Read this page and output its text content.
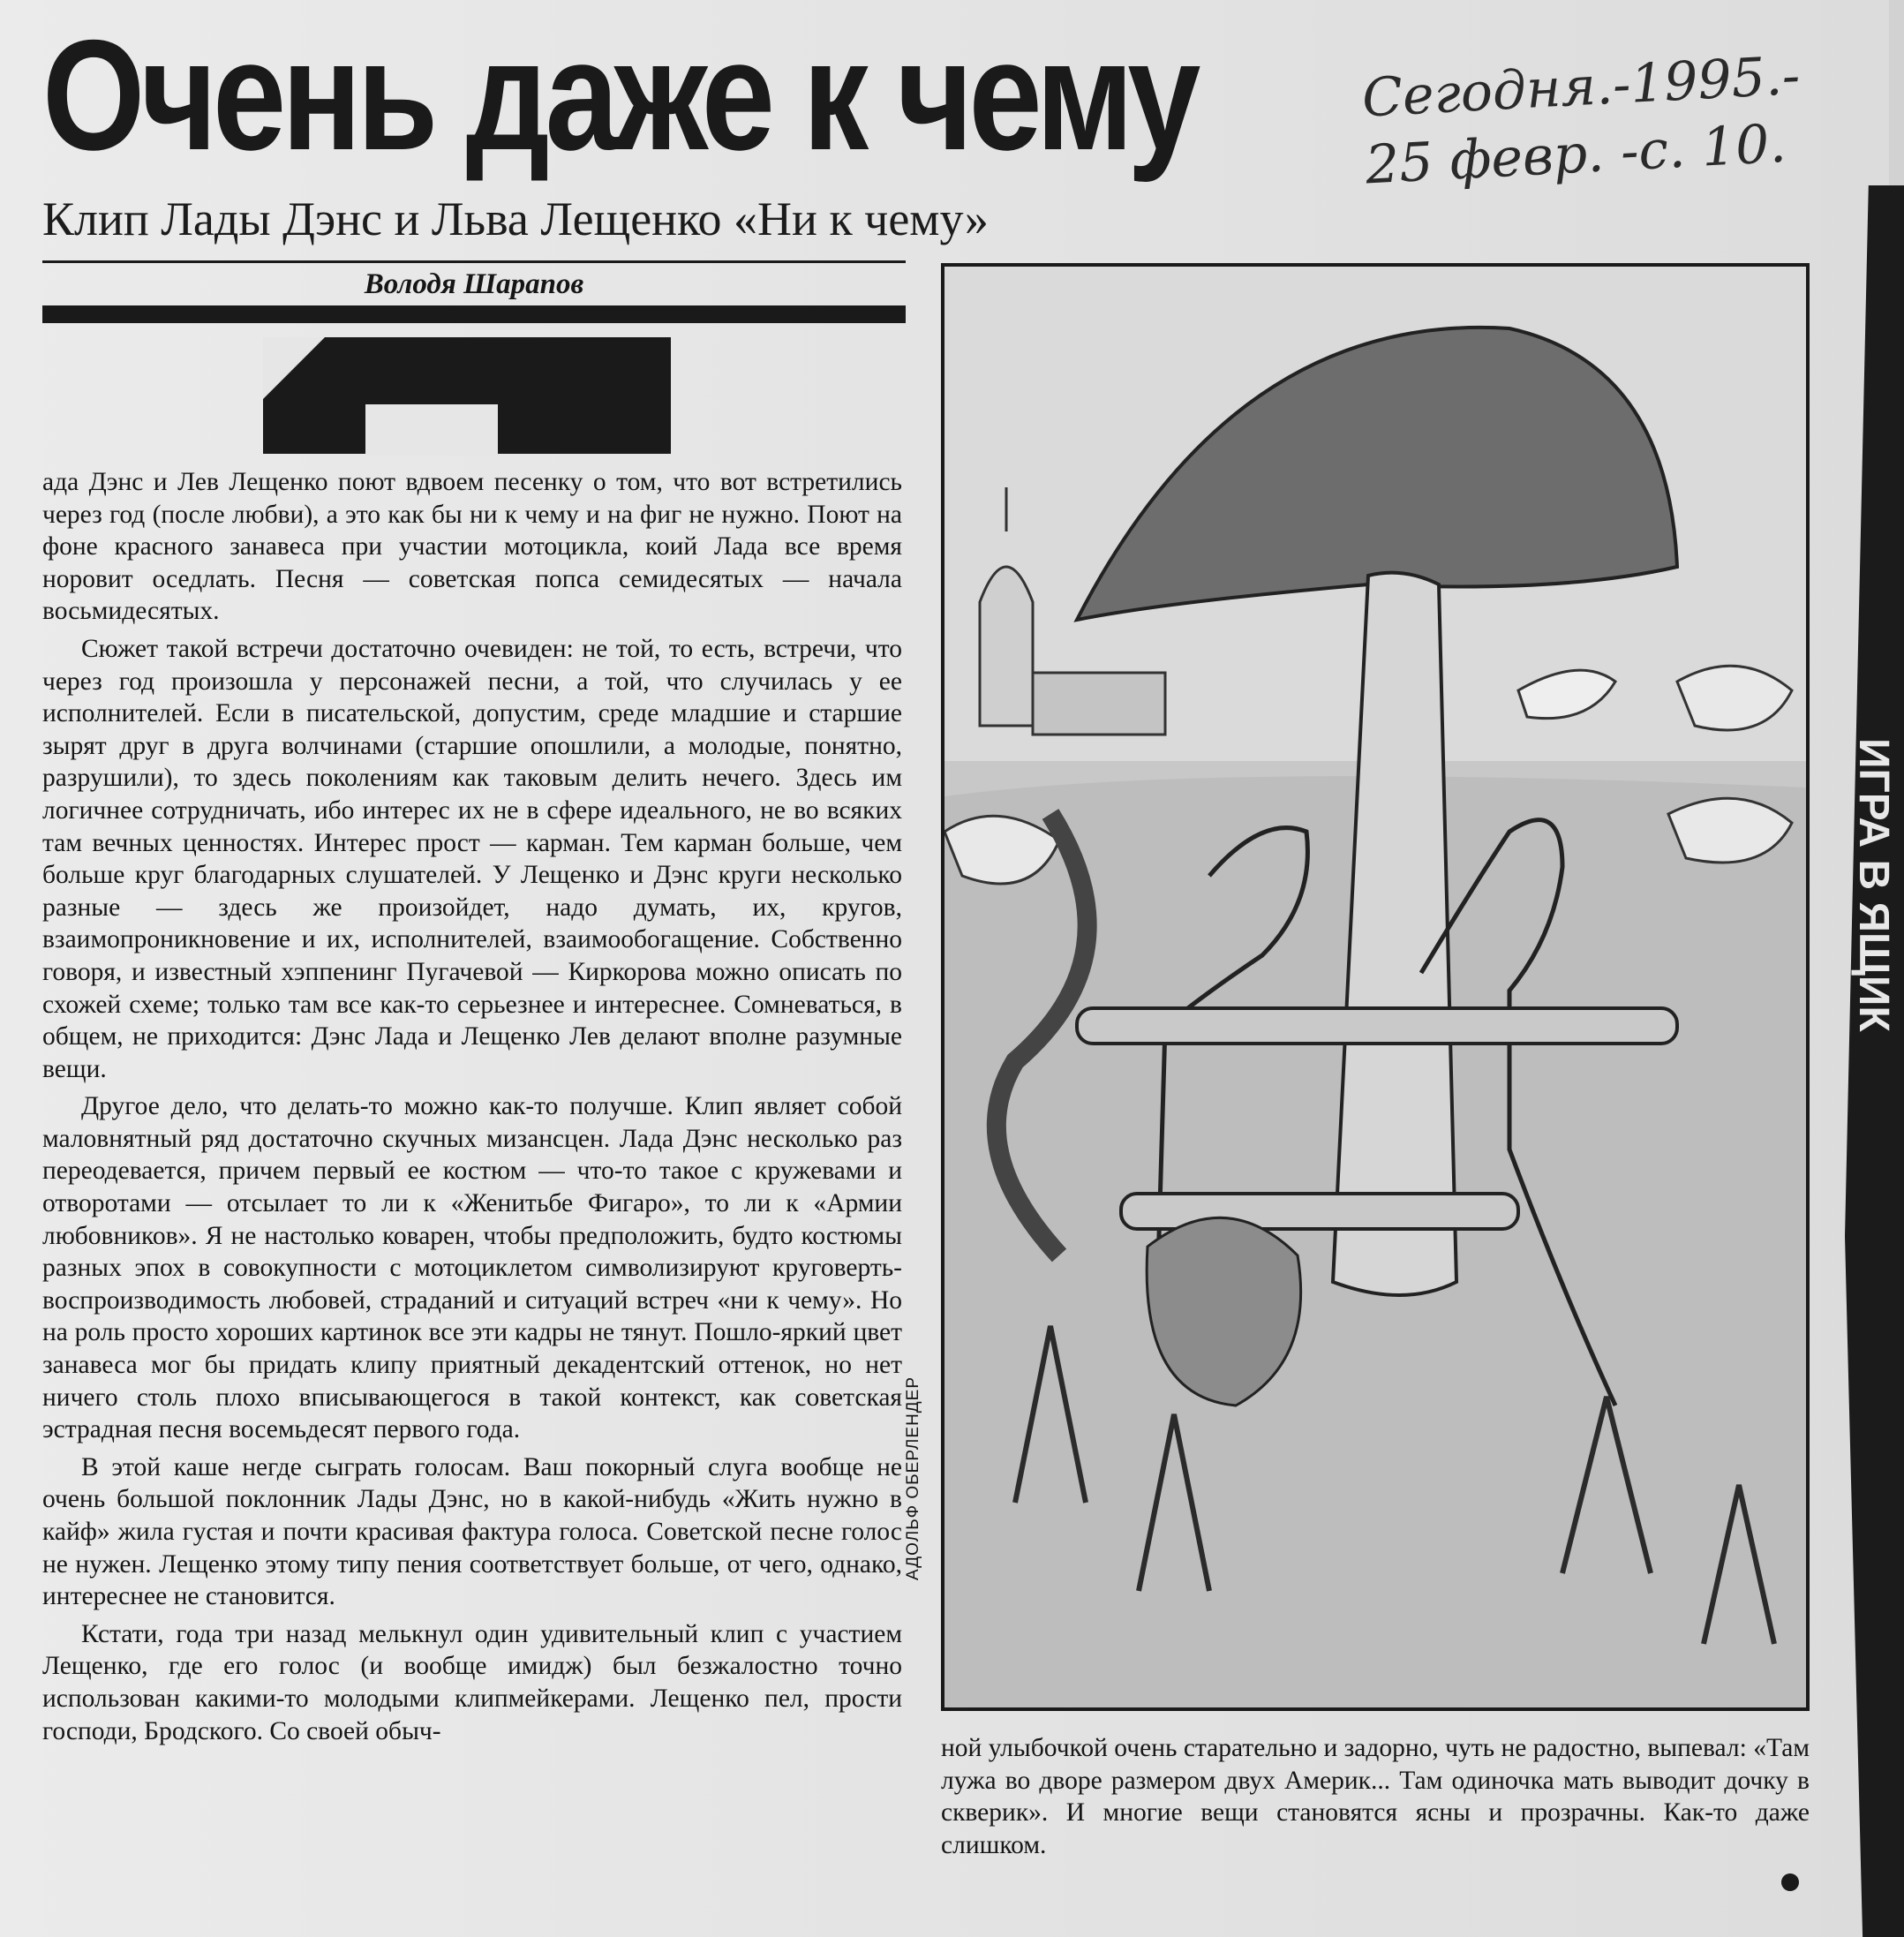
Очень даже к чему	Сегодня.-1995.-
25 февр. -с. 10.
Клип Лады Дэнс и Льва Лещенко «Ни к чему»
Володя Шарапов

ада Дэнс и Лев Лещенко поют вдвоем песенку о том, что вот встретились через год (после любви), а это как бы ни к чему и на фиг не нужно. Поют на фоне красного занавеса при участии мотоцикла, коий Лада все время норовит оседлать. Песня — советская попса семидесятых — начала восьмидесятых.

Сюжет такой встречи достаточно очевиден: не той, то есть, встречи, что через год произошла у персонажей песни, а той, что случилась у ее исполнителей. Если в писательской, допустим, среде младшие и старшие зырят друг в друга волчинами (старшие опошлили, а молодые, понятно, разрушили), то здесь поколениям как таковым делить нечего. Здесь им логичнее сотрудничать, ибо интерес их не в сфере идеального, не во всяких там вечных ценностях. Интерес прост — карман. Тем карман больше, чем больше круг благодарных слушателей. У Лещенко и Дэнс круги несколько разные — здесь же произойдет, надо думать, их, кругов, взаимопроникновение и их, исполнителей, взаимообогащение. Собственно говоря, и известный хэппенинг Пугачевой — Киркорова можно описать по схожей схеме; только там все как-то серьезнее и интереснее. Сомневаться, в общем, не приходится: Дэнс Лада и Лещенко Лев делают вполне разумные вещи.

Другое дело, что делать-то можно как-то получше. Клип являет собой маловнятный ряд достаточно скучных мизансцен. Лада Дэнс несколько раз переодевается, причем первый ее костюм — что-то такое с кружевами и отворотами — отсылает то ли к «Женитьбе Фигаро», то ли к «Армии любовников». Я не настолько коварен, чтобы предположить, будто костюмы разных эпох в совокупности с мотоциклетом символизируют круговерть-воспроизводимость любовей, страданий и ситуаций встреч «ни к чему». Но на роль просто хороших картинок все эти кадры не тянут. Пошло-яркий цвет занавеса мог бы придать клипу приятный декадентский оттенок, но нет ничего столь плохо вписывающегося в такой контекст, как советская эстрадная песня восемьдесят первого года.

В этой каше негде сыграть голосам. Ваш покорный слуга вообще не очень большой поклонник Лады Дэнс, но в какой-нибудь «Жить нужно в кайф» жила густая и почти красивая фактура голоса. Советской песне голос не нужен. Лещенко этому типу пения соответствует больше, от чего, однако, интереснее не становится.

Кстати, года три назад мелькнул один удивительный клип с участием Лещенко, где его голос (и вообще имидж) был безжалостно точно использован какими-то молодыми клипмейкерами. Лещенко пел, прости господи, Бродского. Со своей обыч-

ной улыбочкой очень старательно и задорно, чуть не радостно, выпевал: «Там лужа во дворе размером двух Америк... Там одиночка мать выводит дочку в скверик». И многие вещи становятся ясны и прозрачны. Как-то даже слишком.
